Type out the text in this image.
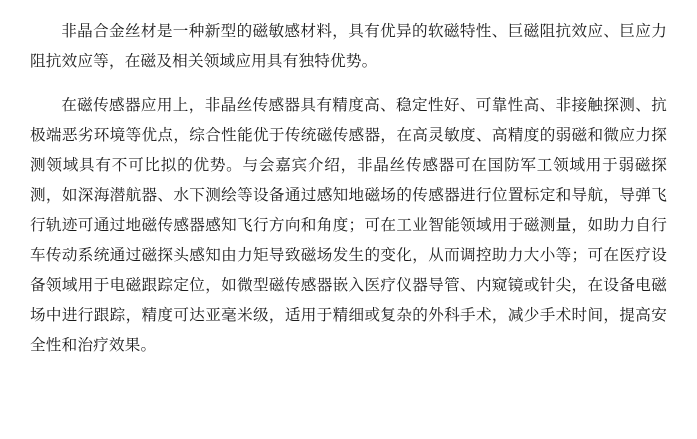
非晶合金丝材是一种新型的磁敏感材料，具有优异的软磁特性、巨磁阻抗效应、巨应力阻抗效应等，在磁及相关领域应用具有独特优势。

在磁传感器应用上，非晶丝传感器具有精度高、稳定性好、可靠性高、非接触探测、抗极端恶劣环境等优点，综合性能优于传统磁传感器，在高灵敏度、高精度的弱磁和微应力探测领域具有不可比拟的优势。与会嘉宾介绍，非晶丝传感器可在国防军工领域用于弱磁探测，如深海潜航器、水下测绘等设备通过感知地磁场的传感器进行位置标定和导航，导弹飞行轨迹可通过地磁传感器感知飞行方向和角度；可在工业智能领域用于磁测量，如助力自行车传动系统通过磁探头感知由力矩导致磁场发生的变化，从而调控助力大小等；可在医疗设备领域用于电磁跟踪定位，如微型磁传感器嵌入医疗仪器导管、内窥镜或针尖，在设备电磁场中进行跟踪，精度可达亚毫米级，适用于精细或复杂的外科手术，减少手术时间，提高安全性和治疗效果。
